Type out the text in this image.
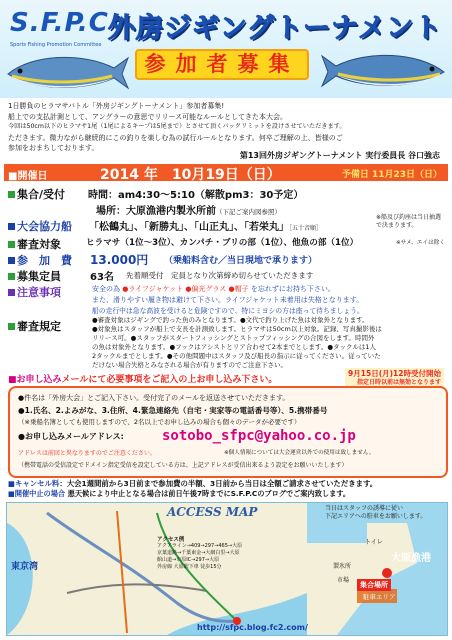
S.F.P.C
Sports Fishing Promotion Committee
外房ジギングトーナメント
参加者募集

1日勝負のヒラマサバトル「外房ジギングトーナメント」参加者募集!

船上での支払計測として、アングラーの意思でリリース可能なルールとしてきた本大会。

今回は50cm以下のヒラマサ1尾（1尾によるキープは5尾まで）とさせて頂くバックリミットを設けさせていただきます。

ただきます。微力ながら継続的にこの釣りを楽しむ為の試行ルールとなります。何卒ご理解の上、皆様のご

参加をおまちしております。

第13回外房ジギングトーナメント 実行委員長 谷口強志
■開催日	2014 年　10月19日（日）	予備日 11月23日（日）
集合/受付 時間：am4:30〜5:10（解散pm3：30予定）
場所：大原漁港内製氷所前（下記ご案内図参照）
大会協力船 「松鶴丸」、「新勝丸」、「山正丸」、「若栄丸」［五十音順］
※船及び釣座は当日抽選で決まります。
審査対象	ヒラマサ（1位〜3位）、カンパチ・ブリの部（1位）、他魚の部（1位）	※サメ、エイは除く
参　加　費 13.000円 （乗船料含む／当日現地で承ります）
募集定員	63名 先着順受付　定員となり次第締め切らせていただきます
注意事項	安全の為 ●ライフジャケット ●偏光グラス ●帽子 を忘れずにお持ち下さい。
また、滑りやすい履き物は避けて下さい。ライフジャケット未着用は失格となります。
船の走行中は急な高波を受けると危険ですので、特にミヨシの方は座って待ちましょう。
審査規定	●審査対象はジギングで釣った魚のみとなります。●文代で釣り上げた魚は対象外となります。

●対象魚はスタッフが船上で支長を計測致します。ヒラマサは50cm以上対象。記録、写真撮影後は

リリース可。●スタッフがスタートフィッシングとストップフィッシングの合図をします。時間外

の魚は対象外となります。●フックはアシストとリア合わせて2本までとします。●タックルは1人

2タックルまでとします。●その他問題中はスタッフ及び船長の指示に従ってください。従っていた

だけない場合失格とみなされる場合が有りますのでご注意下さい。

■お申し込みメールにて必要事項をご記入の上お申し込み下さい。
9月15日(月)12時受付開始
指定日時以前は無効となります
●件名は「外房大会」とご記入下さい。受付完了のメールを返送させていただきます。
●1.氏名、2.よみがな、3.住所、4.緊急連絡先（自宅・実家等の電話番号等）、5.携帯番号
（※乗船名簿としても使用しますので、2名以上でお申し込みの場合も個々のデータが必要です）
●お申し込みメールアドレス:	sotobo_sfpc@yahoo.co.jp
アドレスは前回と異なりますのでご注意ください。	※個人情報については大会運営以外での使用は致しません。
（携帯電話の受信設定でドメイン指定受信を設定している方は、上記アドレスが受信出来るよう設定をお願いいたします）
■キャンセル料：大会1週間前から3日前まで参加費の半額、3日前から当日は全額ご請求させていただきます。
■開催中止の場合 悪天候により中止となる場合は前日午後7時までにS.F.P.Cのブログでご案内致します。
ACCESS MAP
東京湾
アクセス例
アクアライン→409→297→465→大原
京葉道路→千葉東金→大網白里→大原
館山道→市原IC→297→大原
外房線 大原駅下車 徒歩15分
当日はスタッフの誘導に従い
下記エリアへの駐車をお願いします。
大原漁港
トイレ
製氷所
市場
集合場所
駐車エリア
http://sfpc.blog.fc2.com/
